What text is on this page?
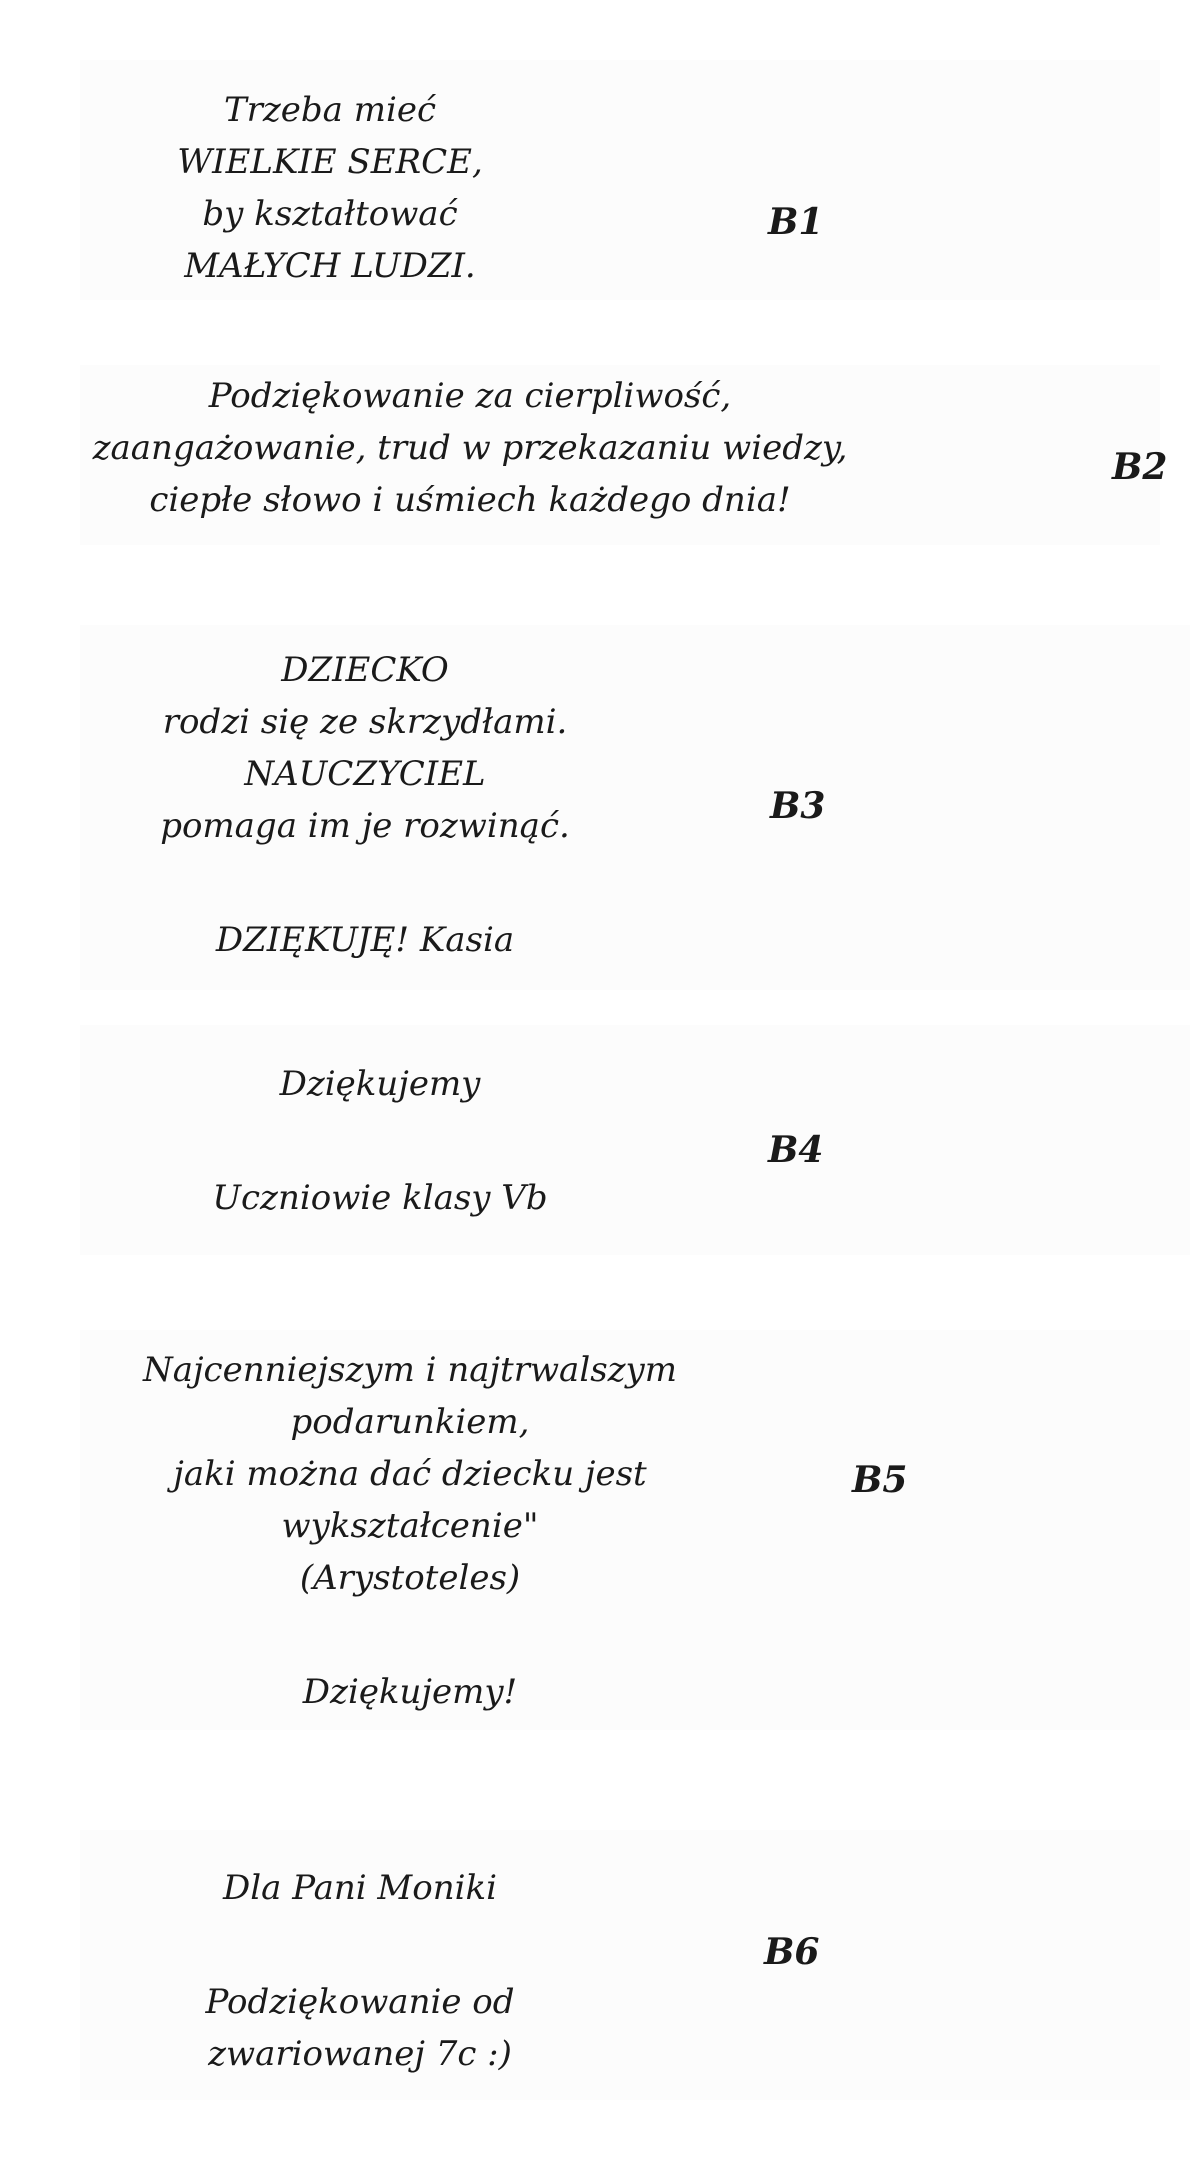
Trzeba mieć
WIELKIE SERCE,
by kształtować
MAŁYCH LUDZI.
B1
Podziękowanie za cierpliwość,
zaangażowanie, trud w przekazaniu wiedzy,
ciepłe słowo i uśmiech każdego dnia!
B2
DZIECKO
rodzi się ze skrzydłami.
NAUCZYCIEL
pomaga im je rozwinąć.
DZIĘKUJĘ! Kasia
B3
Dziękujemy
Uczniowie klasy Vb
B4
Najcenniejszym i najtrwalszym
podarunkiem,
jaki można dać dziecku jest
wykształcenie"
(Arystoteles)
Dziękujemy!
B5
Dla Pani Moniki
Podziękowanie od
zwariowanej 7c :)
B6
